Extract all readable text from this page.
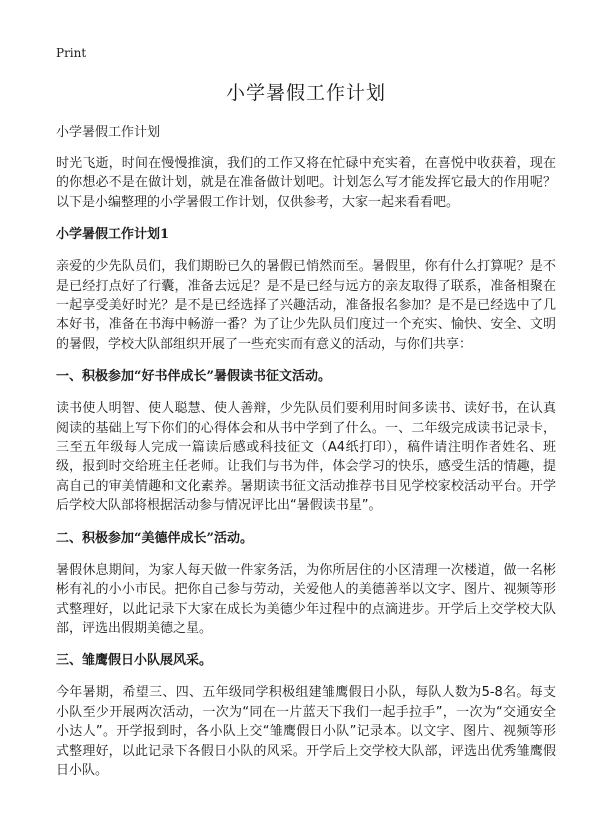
Print
小学暑假工作计划
小学暑假工作计划

时光飞逝，时间在慢慢推演，我们的工作又将在忙碌中充实着，在喜悦中收获着，现在的你想必不是在做计划，就是在准备做计划吧。计划怎么写才能发挥它最大的作用呢？以下是小编整理的小学暑假工作计划，仅供参考，大家一起来看看吧。

小学暑假工作计划1

亲爱的少先队员们，我们期盼已久的暑假已悄然而至。暑假里，你有什么打算呢？是不是已经打点好了行囊，准备去远足？是不是已经与远方的亲友取得了联系，准备相聚在一起享受美好时光？是不是已经选择了兴趣活动，准备报名参加？是不是已经选中了几本好书，准备在书海中畅游一番？为了让少先队员们度过一个充实、愉快、安全、文明的暑假，学校大队部组织开展了一些充实而有意义的活动，与你们共享：

一、积极参加“好书伴成长”暑假读书征文活动。

读书使人明智、使人聪慧、使人善辩，少先队员们要利用时间多读书、读好书，在认真阅读的基础上写下你们的心得体会和从书中学到了什么。一、二年级完成读书记录卡，三至五年级每人完成一篇读后感或科技征文（A4纸打印），稿件请注明作者姓名、班级，报到时交给班主任老师。让我们与书为伴，体会学习的快乐，感受生活的情趣，提高自己的审美情趣和文化素养。暑期读书征文活动推荐书目见学校家校活动平台。开学后学校大队部将根据活动参与情况评比出“暑假读书星”。

二、积极参加“美德伴成长”活动。

暑假休息期间，为家人每天做一件家务活，为你所居住的小区清理一次楼道，做一名彬彬有礼的小小市民。把你自己参与劳动，关爱他人的美德善举以文字、图片、视频等形式整理好，以此记录下大家在成长为美德少年过程中的点滴进步。开学后上交学校大队部，评选出假期美德之星。

三、雏鹰假日小队展风采。

今年暑期，希望三、四、五年级同学积极组建雏鹰假日小队，每队人数为5-8名。每支小队至少开展两次活动，一次为“同在一片蓝天下我们一起手拉手”，一次为“交通安全小达人”。开学报到时，各小队上交“雏鹰假日小队”记录本。以文字、图片、视频等形式整理好，以此记录下各假日小队的风采。开学后上交学校大队部，评选出优秀雏鹰假日小队。
